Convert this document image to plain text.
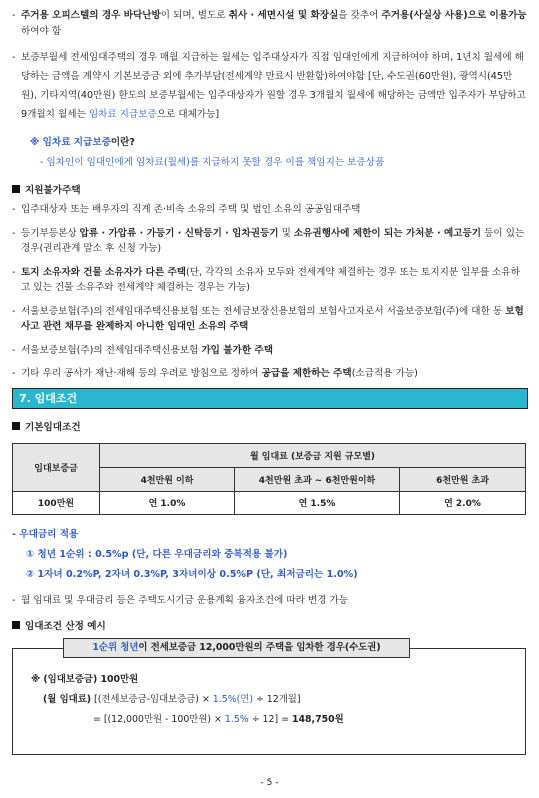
- 주거용 오피스텔의 경우 바닥난방이 되며, 별도로 취사 · 세면시설 및 화장실을 갖추어 주거용(사실상 사용)으로 이용가능하여야 함
- 보증부월세 전세임대주택의 경우 매월 지급하는 월세는 입주대상자가 직접 임대인에게 지급하여야 하며, 1년치 월세에 해당하는 금액을 계약시 기본보증금 외에 추가부담(전세계약 만료시 반환함)하여야함 [단, 수도권(60만원), 광역시(45만원), 기타지역(40만원) 한도의 보증부월세는 입주대상자가 원할 경우 3개월치 월세에 해당하는 금액만 입주자가 부담하고 9개월치 월세는 임차료 지급보증으로 대체가능]
※ 임차료 지급보증이란?
- 임차인이 임대인에게 임차료(월세)를 지급하지 못할 경우 이를 책임지는 보증상품
지원불가주택
- 입주대상자 또는 배우자의 직계 존·비속 소유의 주택 및 법인 소유의 공공임대주택
- 등기부등본상 압류 · 가압류 · 가등기 · 신탁등기 · 임차권등기 및 소유권행사에 제한이 되는 가처분 · 예고등기 등이 있는 경우(권리관계 말소 후 신청 가능)
- 토지 소유자와 건물 소유자가 다른 주택(단, 각각의 소유자 모두와 전세계약 체결하는 경우 또는 토지지분 일부를 소유하고 있는 건물 소유주와 전세계약 체결하는 경우는 가능)
- 서울보증보험(주)의 전세임대주택신용보험 또는 전세금보장신용보험의 보험사고자로서 서울보증보험(주)에 대한 동 보험사고 관련 채무를 완제하지 아니한 임대인 소유의 주택
- 서울보증보험(주)의 전세임대주택신용보험 가입 불가한 주택
- 기타 우리 공사가 재난·재해 등의 우려로 방침으로 정하여 공급을 제한하는 주택(소급적용 가능)
7. 임대조건
기본임대조건
임대보증금	월 임대료 (보증금 지원 규모별)		
	4천만원 이하	4천만원 초과 ~ 6천만원이하	6천만원 초과
100만원	연 1.0%	연 1.5%	연 2.0%
- 우대금리 적용
① 청년 1순위 : 0.5%p (단, 다른 우대금리와 중복적용 불가)
② 1자녀 0.2%P, 2자녀 0.3%P, 3자녀이상 0.5%P (단, 최저금리는 1.0%)
- 월 임대료 및 우대금리 등은 주택도시기금 운용계획 융자조건에 따라 변경 가능
임대조건 산정 예시
1순위 청년이 전세보증금 12,000만원의 주택을 임차한 경우(수도권)
※ (임대보증금) 100만원
(월 임대료) [(전세보증금-임대보증금) × 1.5%(연) ÷ 12개월]
= [(12,000만원 - 100만원) × 1.5% ÷ 12] = 148,750원
- 5 -
